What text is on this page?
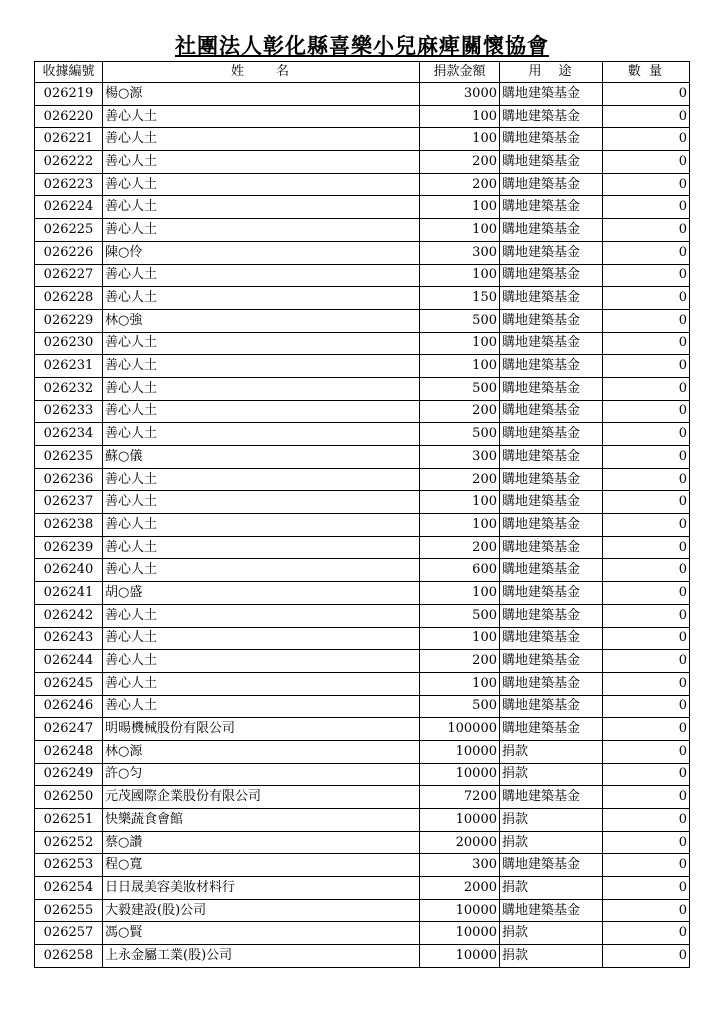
社團法人彰化縣喜樂小兒麻痺關懷協會
收據編號	姓　　名	捐款金額	用　途	數 量
026219	楊○源	3000	購地建築基金	0
026220	善心人土	100	購地建築基金	0
026221	善心人土	100	購地建築基金	0
026222	善心人土	200	購地建築基金	0
026223	善心人土	200	購地建築基金	0
026224	善心人土	100	購地建築基金	0
026225	善心人土	100	購地建築基金	0
026226	陳○伶	300	購地建築基金	0
026227	善心人土	100	購地建築基金	0
026228	善心人土	150	購地建築基金	0
026229	林○強	500	購地建築基金	0
026230	善心人土	100	購地建築基金	0
026231	善心人土	100	購地建築基金	0
026232	善心人土	500	購地建築基金	0
026233	善心人土	200	購地建築基金	0
026234	善心人土	500	購地建築基金	0
026235	蘇○儀	300	購地建築基金	0
026236	善心人土	200	購地建築基金	0
026237	善心人土	100	購地建築基金	0
026238	善心人土	100	購地建築基金	0
026239	善心人土	200	購地建築基金	0
026240	善心人土	600	購地建築基金	0
026241	胡○盛	100	購地建築基金	0
026242	善心人土	500	購地建築基金	0
026243	善心人土	100	購地建築基金	0
026244	善心人土	200	購地建築基金	0
026245	善心人土	100	購地建築基金	0
026246	善心人土	500	購地建築基金	0
026247	明暘機械股份有限公司	100000	購地建築基金	0
026248	林○源	10000	捐款	0
026249	許○匀	10000	捐款	0
026250	元茂國際企業股份有限公司	7200	購地建築基金	0
026251	快樂蔬食會館	10000	捐款	0
026252	蔡○讚	20000	捐款	0
026253	程○寬	300	購地建築基金	0
026254	日日晟美容美妝材料行	2000	捐款	0
026255	大毅建設(股)公司	10000	購地建築基金	0
026257	馮○賢	10000	捐款	0
026258	上永金屬工業(股)公司	10000	捐款	0
